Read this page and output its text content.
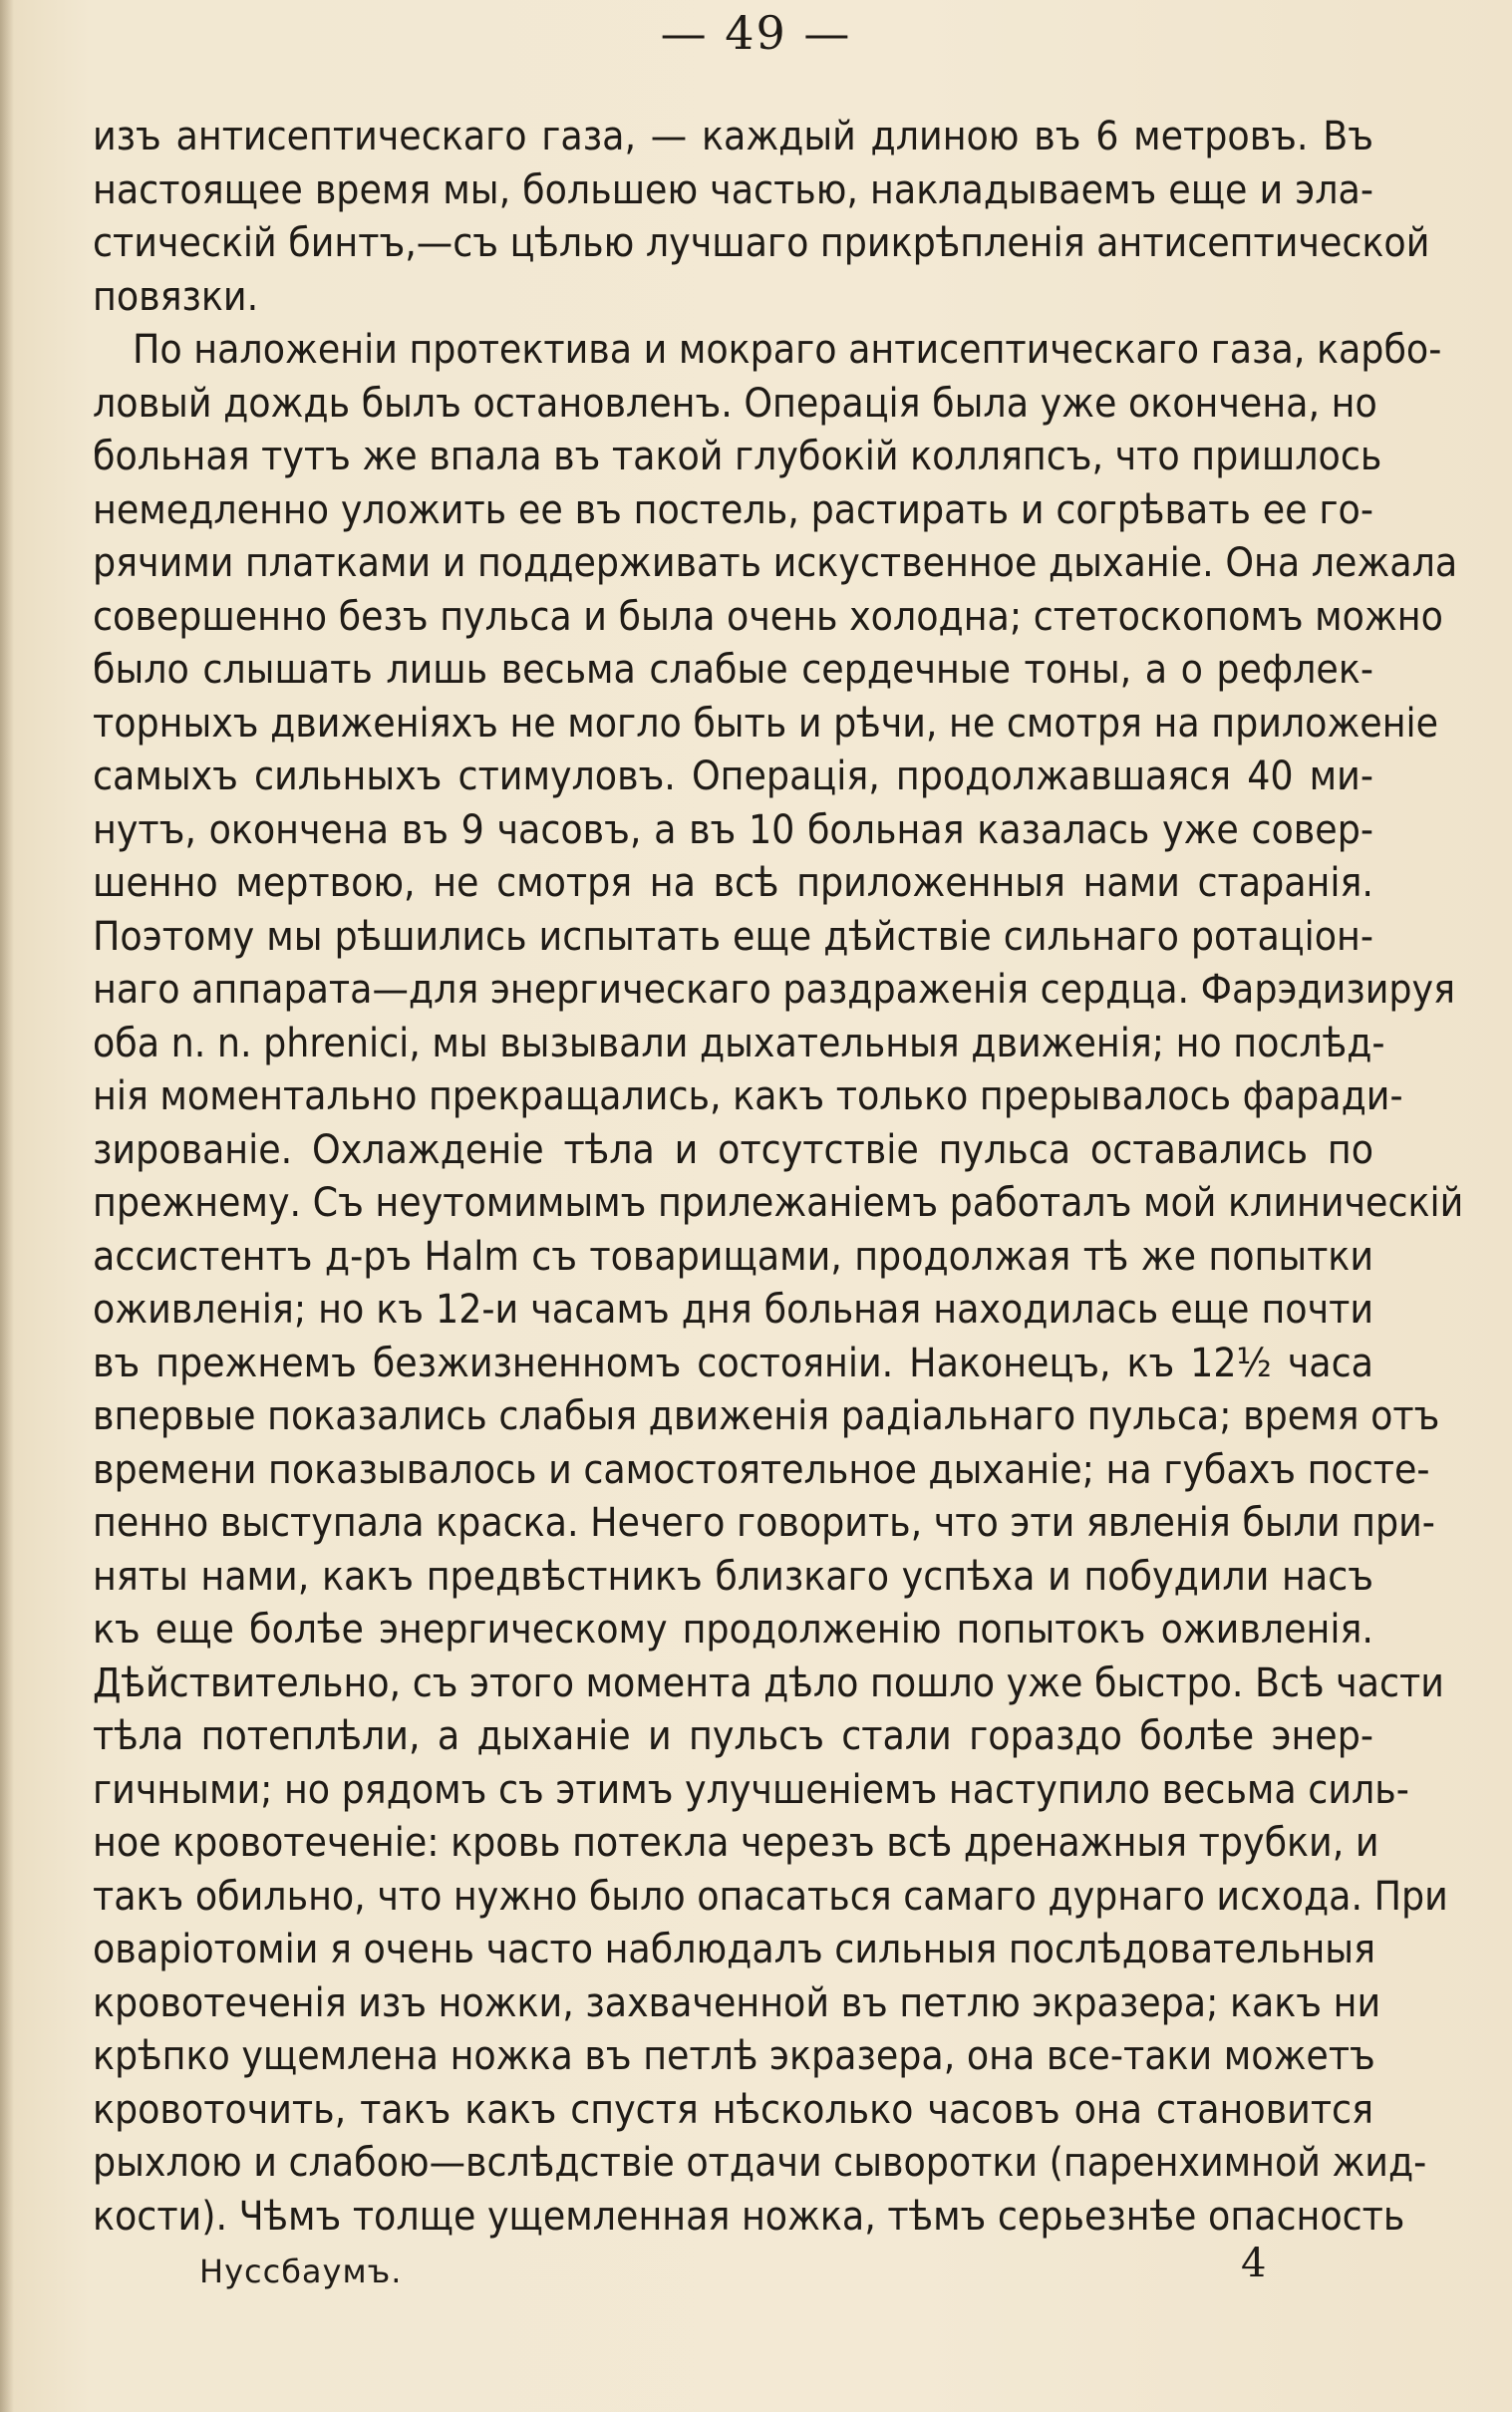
— 49 —
изъ антисептическаго газа, — каждый длиною въ 6 метровъ. Въ
настоящее время мы, большею частью, накладываемъ еще и эла-
стическій бинтъ,—съ цѣлью лучшаго прикрѣпленія антисептической
повязки.
По наложеніи протектива и мокраго антисептическаго газа, карбо-
ловый дождь былъ остановленъ. Операція была уже окончена, но
больная тутъ же впала въ такой глубокій колляпсъ, что пришлось
немедленно уложить ее въ постель, растирать и согрѣвать ее го-
рячими платками и поддерживать искуственное дыханіе. Она лежала
совершенно безъ пульса и была очень холодна; стетоскопомъ можно
было слышать лишь весьма слабые сердечные тоны, а о рефлек-
торныхъ движеніяхъ не могло быть и рѣчи, не смотря на приложеніе
самыхъ сильныхъ стимуловъ. Операція, продолжавшаяся 40 ми-
нутъ, окончена въ 9 часовъ, а въ 10 больная казалась уже совер-
шенно мертвою, не смотря на всѣ приложенныя нами старанія.
Поэтому мы рѣшились испытать еще дѣйствіе сильнаго ротаціон-
наго аппарата—для энергическаго раздраженія сердца. Фарэдизируя
оба n. n. phrenici, мы вызывали дыхательныя движенія; но послѣд-
нія моментально прекращались, какъ только прерывалось фаради-
зированіе. Охлажденіе тѣла и отсутствіе пульса оставались по
прежнему. Съ неутомимымъ прилежаніемъ работалъ мой клиническій
ассистентъ д-ръ Halm съ товарищами, продолжая тѣ же попытки
оживленія; но къ 12-и часамъ дня больная находилась еще почти
въ прежнемъ безжизненномъ состояніи. Наконецъ, къ 12½ часа
впервые показались слабыя движенія радіальнаго пульса; время отъ
времени показывалось и самостоятельное дыханіе; на губахъ посте-
пенно выступала краска. Нечего говорить, что эти явленія были при-
няты нами, какъ предвѣстникъ близкаго успѣха и побудили насъ
къ еще болѣе энергическому продолженію попытокъ оживленія.
Дѣйствительно, съ этого момента дѣло пошло уже быстро. Всѣ части
тѣла потеплѣли, а дыханіе и пульсъ стали гораздо болѣе энер-
гичными; но рядомъ съ этимъ улучшеніемъ наступило весьма силь-
ное кровотеченіе: кровь потекла черезъ всѣ дренажныя трубки, и
такъ обильно, что нужно было опасаться самаго дурнаго исхода. При
оваріотоміи я очень часто наблюдалъ сильныя послѣдовательныя
кровотеченія изъ ножки, захваченной въ петлю экразера; какъ ни
крѣпко ущемлена ножка въ петлѣ экразера, она все-таки можетъ
кровоточить, такъ какъ спустя нѣсколько часовъ она становится
рыхлою и слабою—вслѣдствіе отдачи сыворотки (паренхимной жид-
кости). Чѣмъ толще ущемленная ножка, тѣмъ серьезнѣе опасность
Нуссбаумъ.	4
